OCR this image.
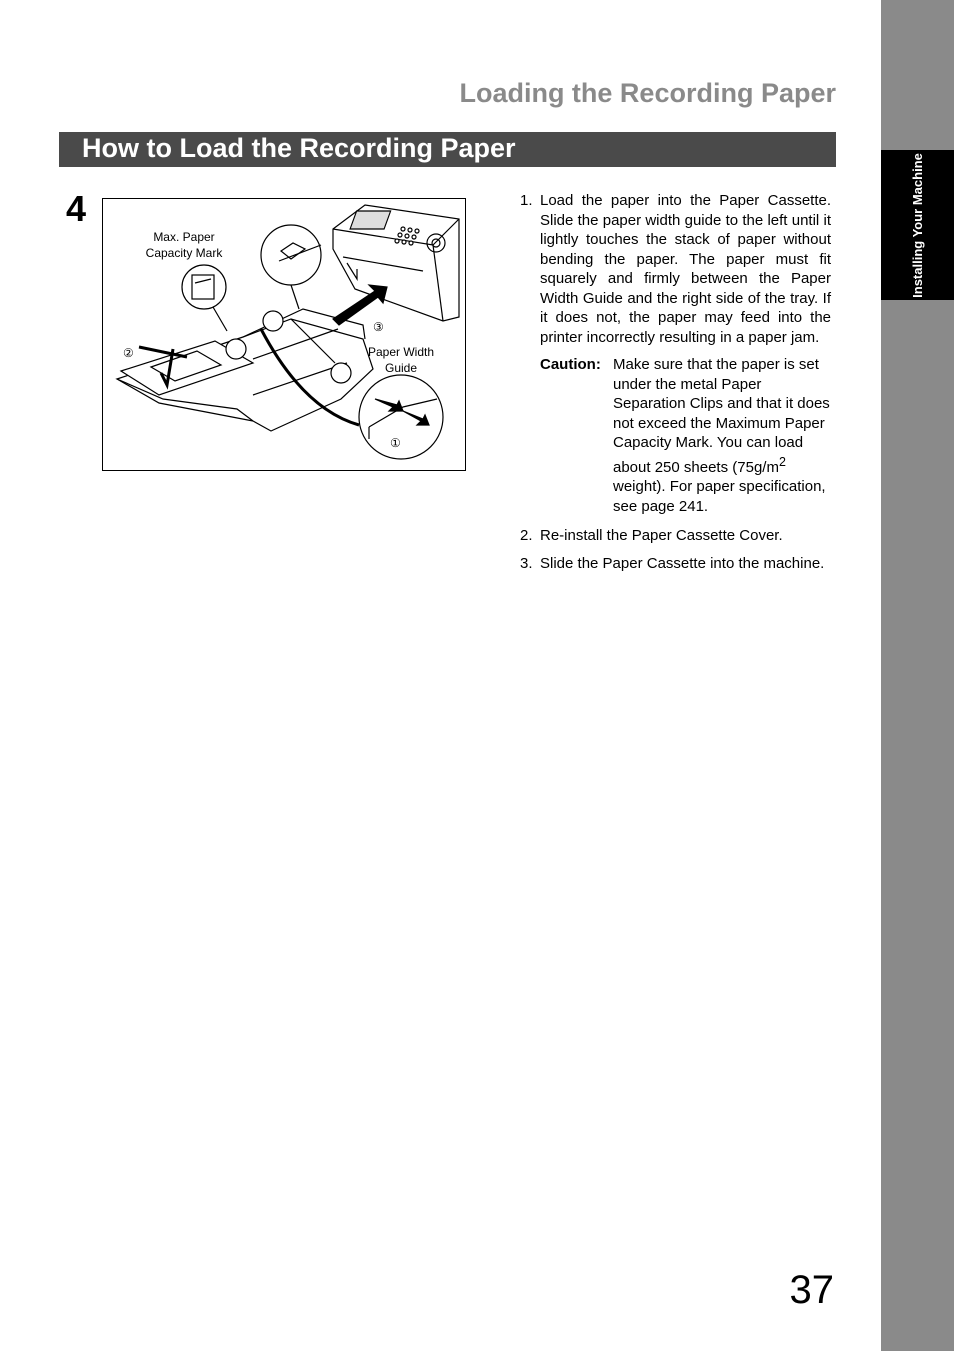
Installing Your Machine
Loading the Recording Paper
How to Load the Recording Paper
4
Max. Paper Capacity Mark
Paper Width Guide
①
②
③
1. Load the paper into the Paper Cassette. Slide the paper width guide to the left until it lightly touches the stack of paper without bending the paper. The paper must fit squarely and firmly between the Paper Width Guide and the right side of the tray. If it does not, the paper may feed into the printer incorrectly resulting in a paper jam.
Caution: Make sure that the paper is set under the metal Paper Separation Clips and that it does not exceed the Maximum Paper Capacity Mark. You can load about 250 sheets ($75g/m^2$ weight). For paper specification, see page 241.
2. Re-install the Paper Cassette Cover.
3. Slide the Paper Cassette into the machine.
37
